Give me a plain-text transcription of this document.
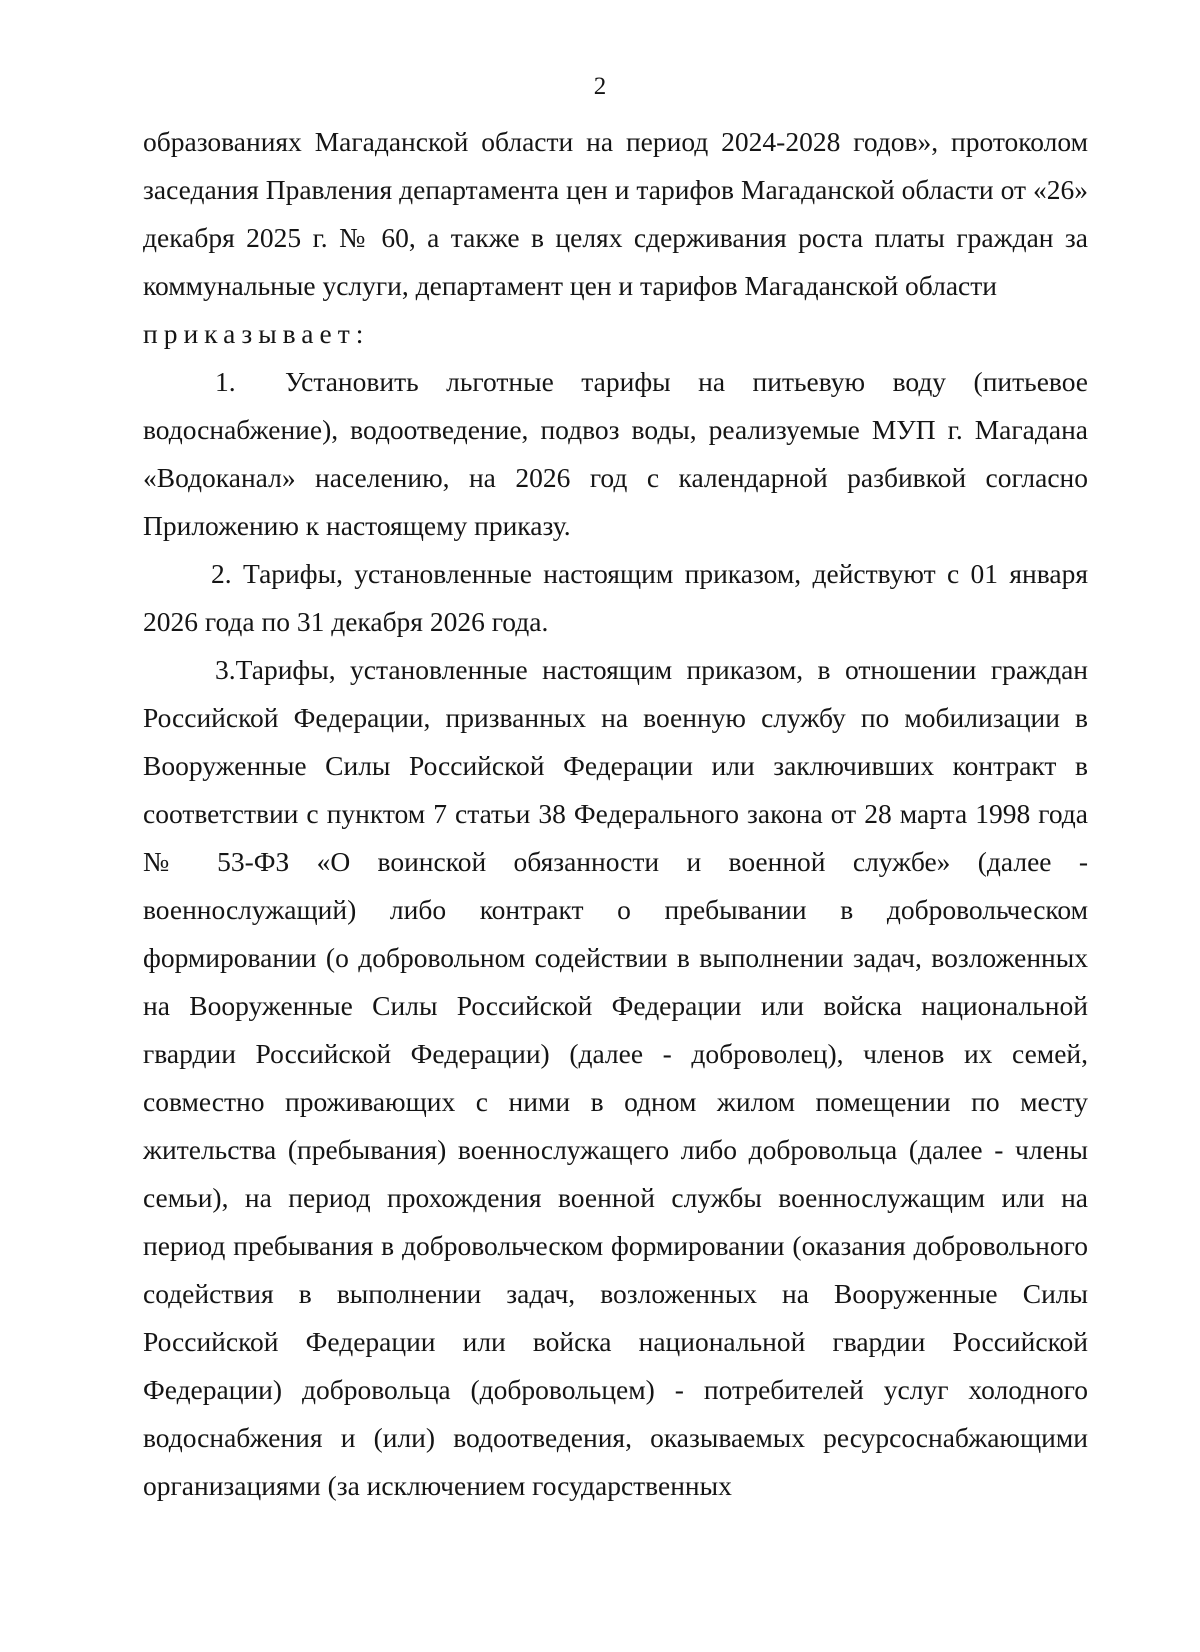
2

образованиях Магаданской области на период 2024-2028 годов», протоколом заседания Правления департамента цен и тарифов Магаданской области от «26» декабря 2025 г. № 60, а также в целях сдерживания роста платы граждан за коммунальные услуги, департамент цен и тарифов Магаданской области

приказывает:

1. Установить льготные тарифы на питьевую воду (питьевое водоснабжение), водоотведение, подвоз воды, реализуемые МУП г. Магадана «Водоканал» населению, на 2026 год с календарной разбивкой согласно Приложению к настоящему приказу.

2. Тарифы, установленные настоящим приказом, действуют с 01 января 2026 года по 31 декабря 2026 года.

3.Тарифы, установленные настоящим приказом, в отношении граждан Российской Федерации, призванных на военную службу по мобилизации в Вооруженные Силы Российской Федерации или заключивших контракт в соответствии с пунктом 7 статьи 38 Федерального закона от 28 марта 1998 года № 53-ФЗ «О воинской обязанности и военной службе» (далее - военнослужащий) либо контракт о пребывании в добровольческом формировании (о добровольном содействии в выполнении задач, возложенных на Вооруженные Силы Российской Федерации или войска национальной гвардии Российской Федерации) (далее - доброволец), членов их семей, совместно проживающих с ними в одном жилом помещении по месту жительства (пребывания) военнослужащего либо добровольца (далее - члены семьи), на период прохождения военной службы военнослужащим или на период пребывания в добровольческом формировании (оказания добровольного содействия в выполнении задач, возложенных на Вооруженные Силы Российской Федерации или войска национальной гвардии Российской Федерации) добровольца (добровольцем) - потребителей услуг холодного водоснабжения и (или) водоотведения, оказываемых ресурсоснабжающими организациями (за исключением государственных
